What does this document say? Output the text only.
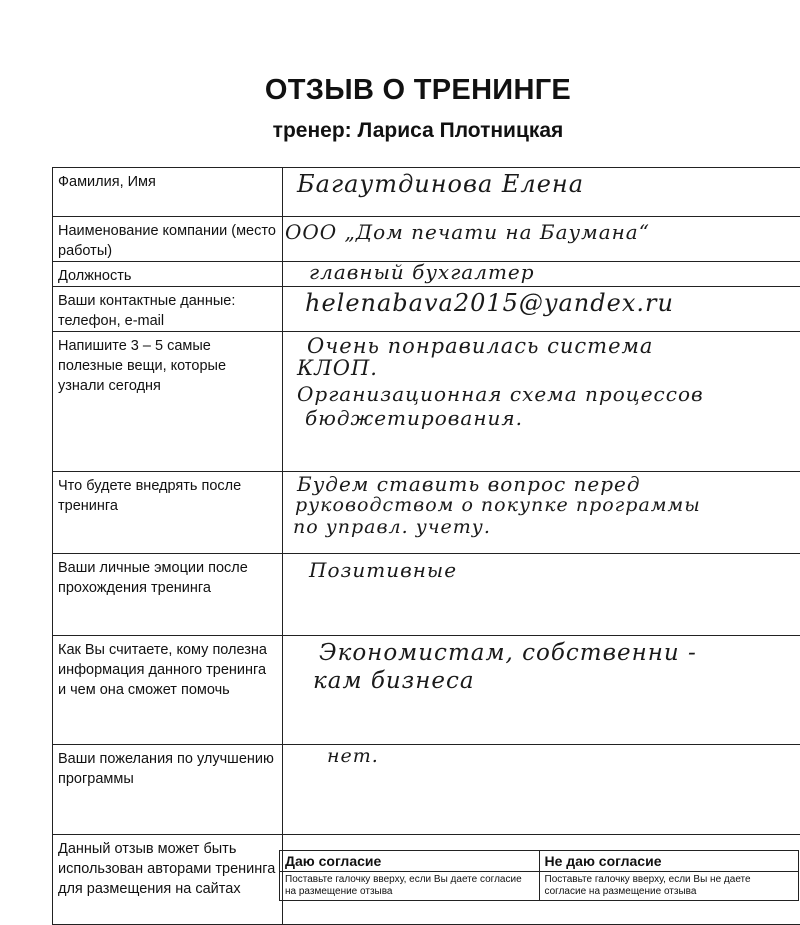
ОТЗЫВ О ТРЕНИНГЕ
тренер: Лариса Плотницкая
Фамилия, Имя	Багаутдинова Елена

Наименование компании (место работы)	ООО „Дом печати на Баумана“

Должность	главный бухгалтер

Ваши контактные данные: телефон, e-mail	helenabava2015@yandex.ru

Напишите 3 – 5 самые полезные вещи, которые узнали сегодня	Очень понравилась система
КЛОП.
Организационная схема процессов
бюджетирования.

Что будете внедрять после тренинга	Будем ставить вопрос перед
руководством о покупке программы
по управл. учету.

Ваши личные эмоции после прохождения тренинга	Позитивные

Как Вы считаете, кому полезна информация данного тренинга и чем она сможет помочь	Экономистам, собственни -
кам бизнеса

Ваши пожелания по улучшению программы	нет.

Данный отзыв может быть использован авторами тренинга для размещения на сайтах	
Даю согласие	Не даю согласие
Поставьте галочку вверху, если Вы даете согласие на размещение отзыва	Поставьте галочку вверху, если Вы не даете согласие на размещение отзыва
